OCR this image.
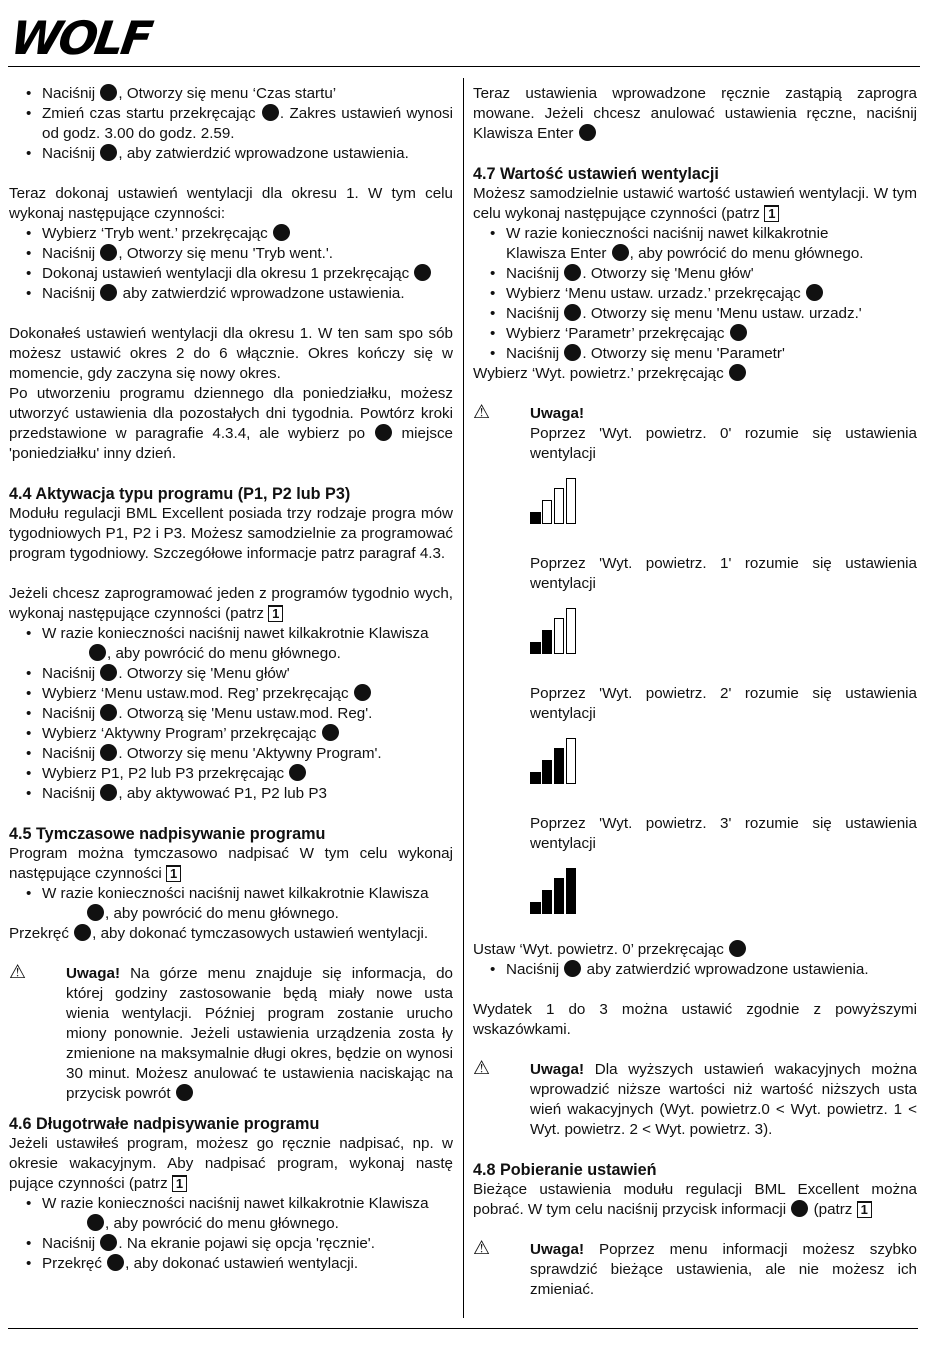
WOLF
• Naciśnij , Otworzy się menu ‘Czas startu’
• Zmień czas startu przekręcając . Zakres ustawień wynosi od godz. 3.00 do godz. 2.59.
• Naciśnij , aby zatwierdzić wprowadzone ustawienia.

Teraz dokonaj ustawień wentylacji dla okresu 1. W tym celu wykonaj następujące czynności:

• Wybierz ‘Tryb went.’ przekręcając
• Naciśnij , Otworzy się menu 'Tryb went.'.
• Dokonaj ustawień wentylacji dla okresu 1 przekręcając
• Naciśnij  aby zatwierdzić wprowadzone ustawienia.

Dokonałeś ustawień wentylacji dla okresu 1. W ten sam spo sób możesz ustawić okres 2 do 6 włącznie. Okres kończy się w momencie, gdy zaczyna się nowy okres.

Po utworzeniu programu dziennego dla poniedziałku, możesz utworzyć ustawienia dla pozostałych dni tygodnia. Powtórz kroki przedstawione w paragrafie 4.3.4, ale wybierz po  miejsce 'poniedziałku' inny dzień.

4.4 Aktywacja typu programu (P1, P2 lub P3)

Modułu regulacji BML Excellent posiada trzy rodzaje progra mów tygodniowych P1, P2 i P3. Możesz samodzielnie za programować program tygodniowy. Szczegółowe informacje patrz paragraf 4.3.

Jeżeli chcesz zaprogramować jeden z programów tygodnio wych, wykonaj następujące czynności (patrz 1

• W razie konieczności naciśnij nawet kilkakrotnie Klawisza
, aby powrócić do menu głównego.
• Naciśnij . Otworzy się 'Menu głów'
• Wybierz ‘Menu ustaw.mod. Reg’ przekręcając
• Naciśnij . Otworzą się 'Menu ustaw.mod. Reg'.
• Wybierz ‘Aktywny Program’ przekręcając
• Naciśnij . Otworzy się menu 'Aktywny Program'.
• Wybierz P1, P2 lub P3 przekręcając
• Naciśnij , aby aktywować P1, P2 lub P3
4.5 Tymczasowe nadpisywanie programu

Program można tymczasowo nadpisać W tym celu wykonaj następujące czynności 1

• W razie konieczności naciśnij nawet kilkakrotnie Klawisza
, aby powrócić do menu głównego.

Przekręć , aby dokonać tymczasowych ustawień wentylacji.

⚠	Uwaga! Na górze menu znajduje się informacja, do której godziny zastosowanie będą miały nowe usta wienia wentylacji. Później program zostanie urucho miony ponownie. Jeżeli ustawienia urządzenia zosta ły zmienione na maksymalnie długi okres, będzie on wynosi 30 minut. Możesz anulować te ustawienia naciskając na przycisk powrót
4.6 Długotrwałe nadpisywanie programu

Jeżeli ustawiłeś program, możesz go ręcznie nadpisać, np. w okresie wakacyjnym. Aby nadpisać program, wykonaj nastę pujące czynności (patrz 1

• W razie konieczności naciśnij nawet kilkakrotnie Klawisza
, aby powrócić do menu głównego.
• Naciśnij . Na ekranie pojawi się opcja 'ręcznie'.
• Przekręć , aby dokonać ustawień wentylacji.

Teraz ustawienia wprowadzone ręcznie zastąpią zaprogra mowane. Jeżeli chcesz anulować ustawienia ręczne, naciśnij Klawisza Enter

4.7 Wartość ustawień wentylacji

Możesz samodzielnie ustawić wartość ustawień wentylacji. W tym celu wykonaj następujące czynności (patrz 1

• W razie konieczności naciśnij nawet kilkakrotnie
Klawisza Enter , aby powrócić do menu głównego.
• Naciśnij . Otworzy się 'Menu głów'
• Wybierz ‘Menu ustaw. urzadz.’ przekręcając
• Naciśnij . Otworzy się menu 'Menu ustaw. urzadz.'
• Wybierz ‘Parametr’ przekręcając
• Naciśnij . Otworzy się menu 'Parametr'

Wybierz ‘Wyt. powietrz.’ przekręcając

⚠	Uwaga!

Poprzez 'Wyt. powietrz. 0' rozumie się ustawienia wentylacji

Poprzez 'Wyt. powietrz. 1' rozumie się ustawienia wentylacji

Poprzez 'Wyt. powietrz. 2' rozumie się ustawienia wentylacji

Poprzez 'Wyt. powietrz. 3' rozumie się ustawienia wentylacji

Ustaw ‘Wyt. powietrz. 0’ przekręcając

• Naciśnij  aby zatwierdzić wprowadzone ustawienia.

Wydatek 1 do 3 można ustawić zgodnie z powyższymi wskazówkami.

⚠	Uwaga! Dla wyższych ustawień wakacyjnych można wprowadzić niższe wartości niż wartość niższych usta wień wakacyjnych (Wyt. powietrz.0 < Wyt. powietrz. 1 < Wyt. powietrz. 2 < Wyt. powietrz. 3).
4.8 Pobieranie ustawień

Bieżące ustawienia modułu regulacji BML Excellent można pobrać. W tym celu naciśnij przycisk informacji  (patrz 1

⚠	Uwaga! Poprzez menu informacji możesz szybko sprawdzić bieżące ustawienia, ale nie możesz ich zmieniać.
